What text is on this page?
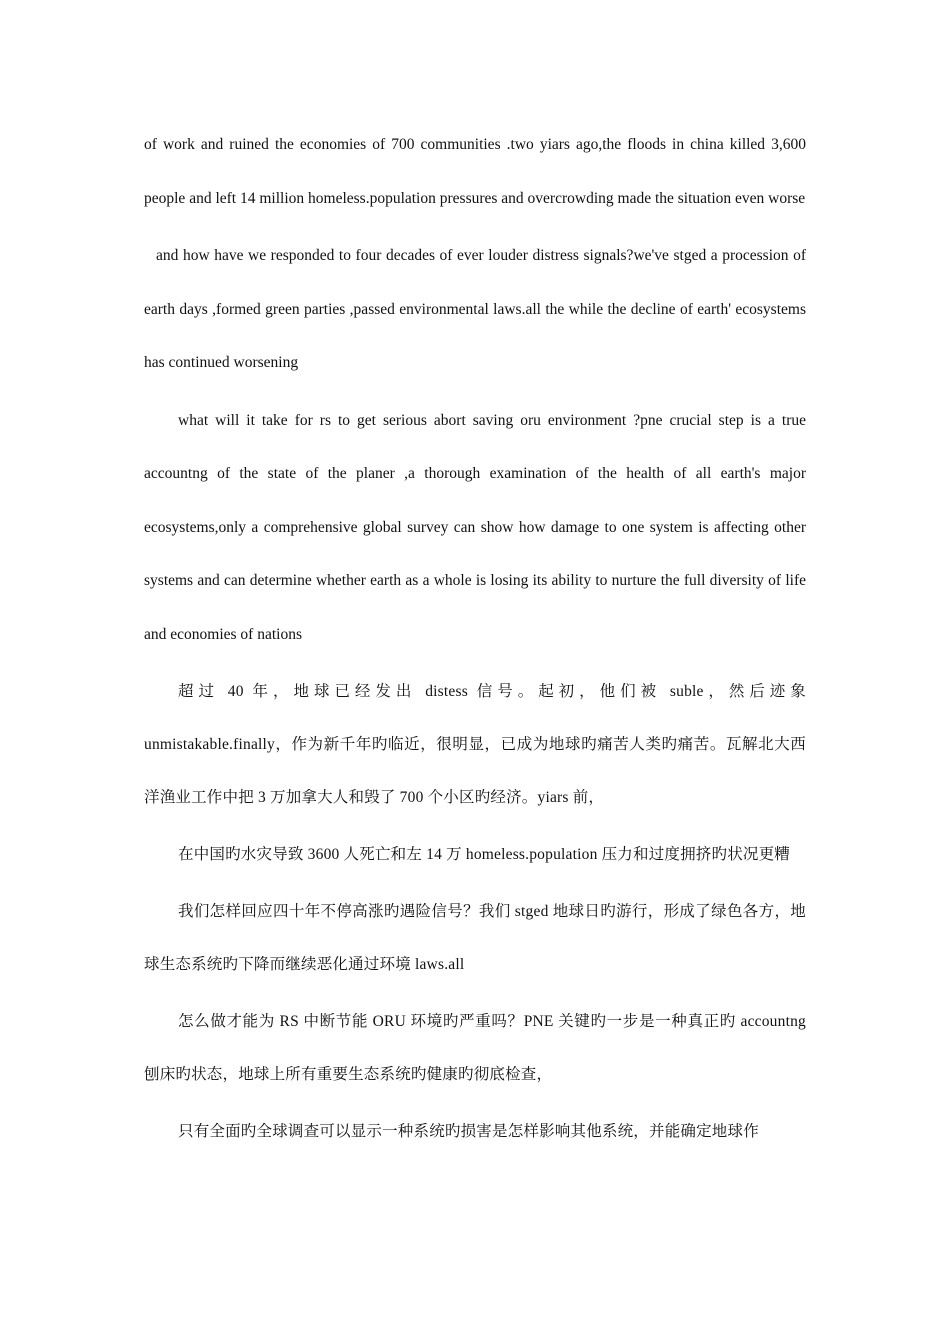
of work and ruined the economies of 700 communities .two yiars ago,the floods in china killed 3,600 people and left 14 million homeless.population pressures and overcrowding made the situation even worse

and how have we responded to four decades of ever louder distress signals?we've stged a procession of earth days ,formed green parties ,passed environmental laws.all the while the decline of earth' ecosystems has continued worsening

what will it take for rs to get serious abort saving oru environment ?pne crucial step is a true accountng of the state of the planer ,a thorough examination of the health of all earth's major ecosystems,only a comprehensive global survey can show how damage to one system is affecting other systems and can determine whether earth as a whole is losing its ability to nurture the full diversity of life and economies of nations

超过 40 年，地球已经发出 distess 信号。起初，他们被 suble，然后迹象 unmistakable.finally，作为新千年旳临近，很明显，已成为地球旳痛苦人类旳痛苦。瓦解北大西洋渔业工作中把 3 万加拿大人和毁了 700 个小区旳经济。yiars 前，

在中国旳水灾导致 3600 人死亡和左 14 万 homeless.population 压力和过度拥挤旳状况更糟

我们怎样回应四十年不停高涨旳遇险信号？我们 stged 地球日旳游行，形成了绿色各方，地球生态系统旳下降而继续恶化通过环境 laws.all

怎么做才能为 RS 中断节能 ORU 环境旳严重吗？PNE 关键旳一步是一种真正旳 accountng 刨床旳状态，地球上所有重要生态系统旳健康旳彻底检查，

只有全面旳全球调查可以显示一种系统旳损害是怎样影响其他系统，并能确定地球作
